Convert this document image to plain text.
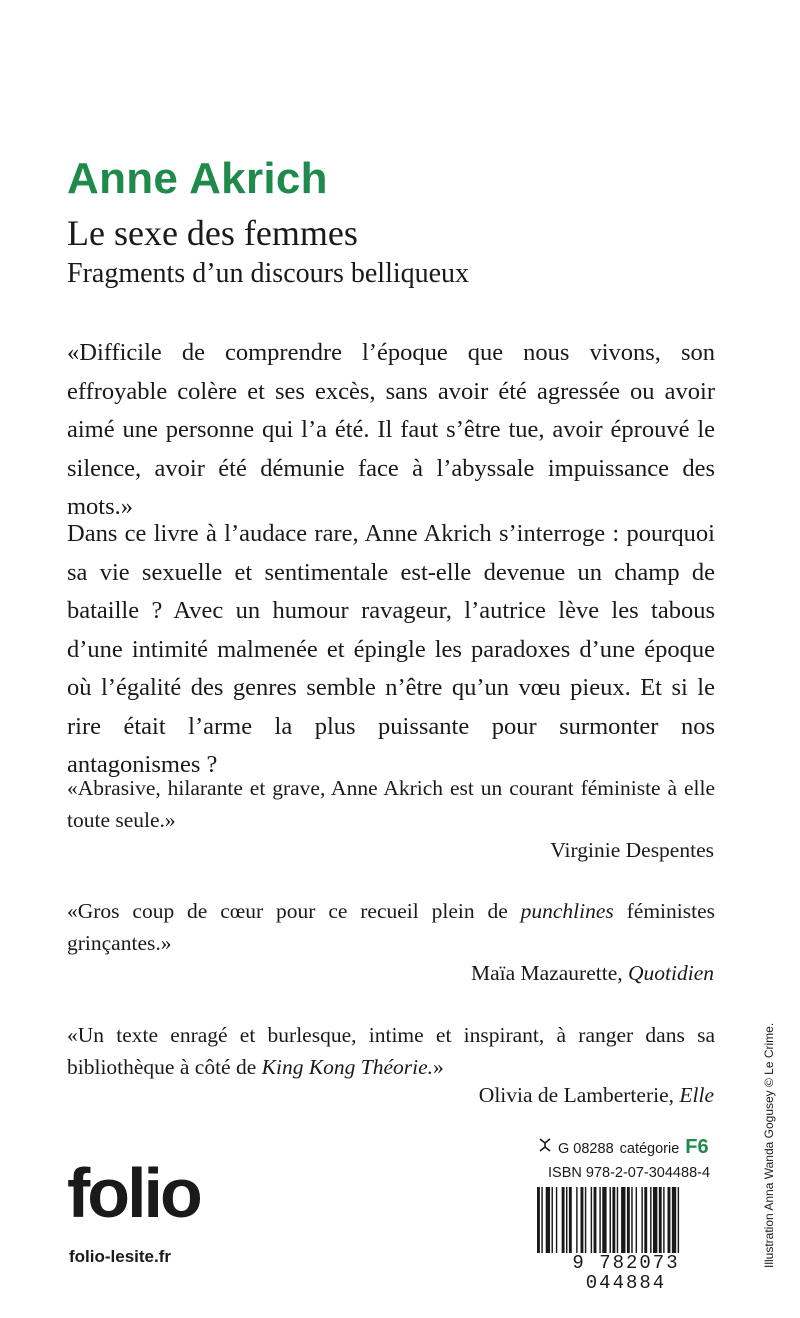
Anne Akrich
Le sexe des femmes
Fragments d’un discours belliqueux

«Difficile de comprendre l’époque que nous vivons, son effroyable colère et ses excès, sans avoir été agressée ou avoir aimé une personne qui l’a été. Il faut s’être tue, avoir éprouvé le silence, avoir été démunie face à l’abyssale impuissance des mots.»

Dans ce livre à l’audace rare, Anne Akrich s’interroge : pourquoi sa vie sexuelle et sentimentale est-elle devenue un champ de bataille ? Avec un humour ravageur, l’autrice lève les tabous d’une intimité malmenée et épingle les paradoxes d’une époque où l’égalité des genres semble n’être qu’un vœu pieux. Et si le rire était l’arme la plus puissante pour surmonter nos antagonismes ?

«Abrasive, hilarante et grave, Anne Akrich est un courant féministe à elle toute seule.»

Virginie Despentes

«Gros coup de cœur pour ce recueil plein de punchlines féministes grinçantes.»

Maïa Mazaurette, Quotidien

«Un texte enragé et burlesque, intime et inspirant, à ranger dans sa bibliothèque à côté de King Kong Théorie.»

Olivia de Lamberterie, Elle

G 08288 catégorie F6
ISBN 978-2-07-304488-4
9 782073 044884
folio
folio-lesite.fr	Illustration Anna Wanda Gogusey © Le Crime.
